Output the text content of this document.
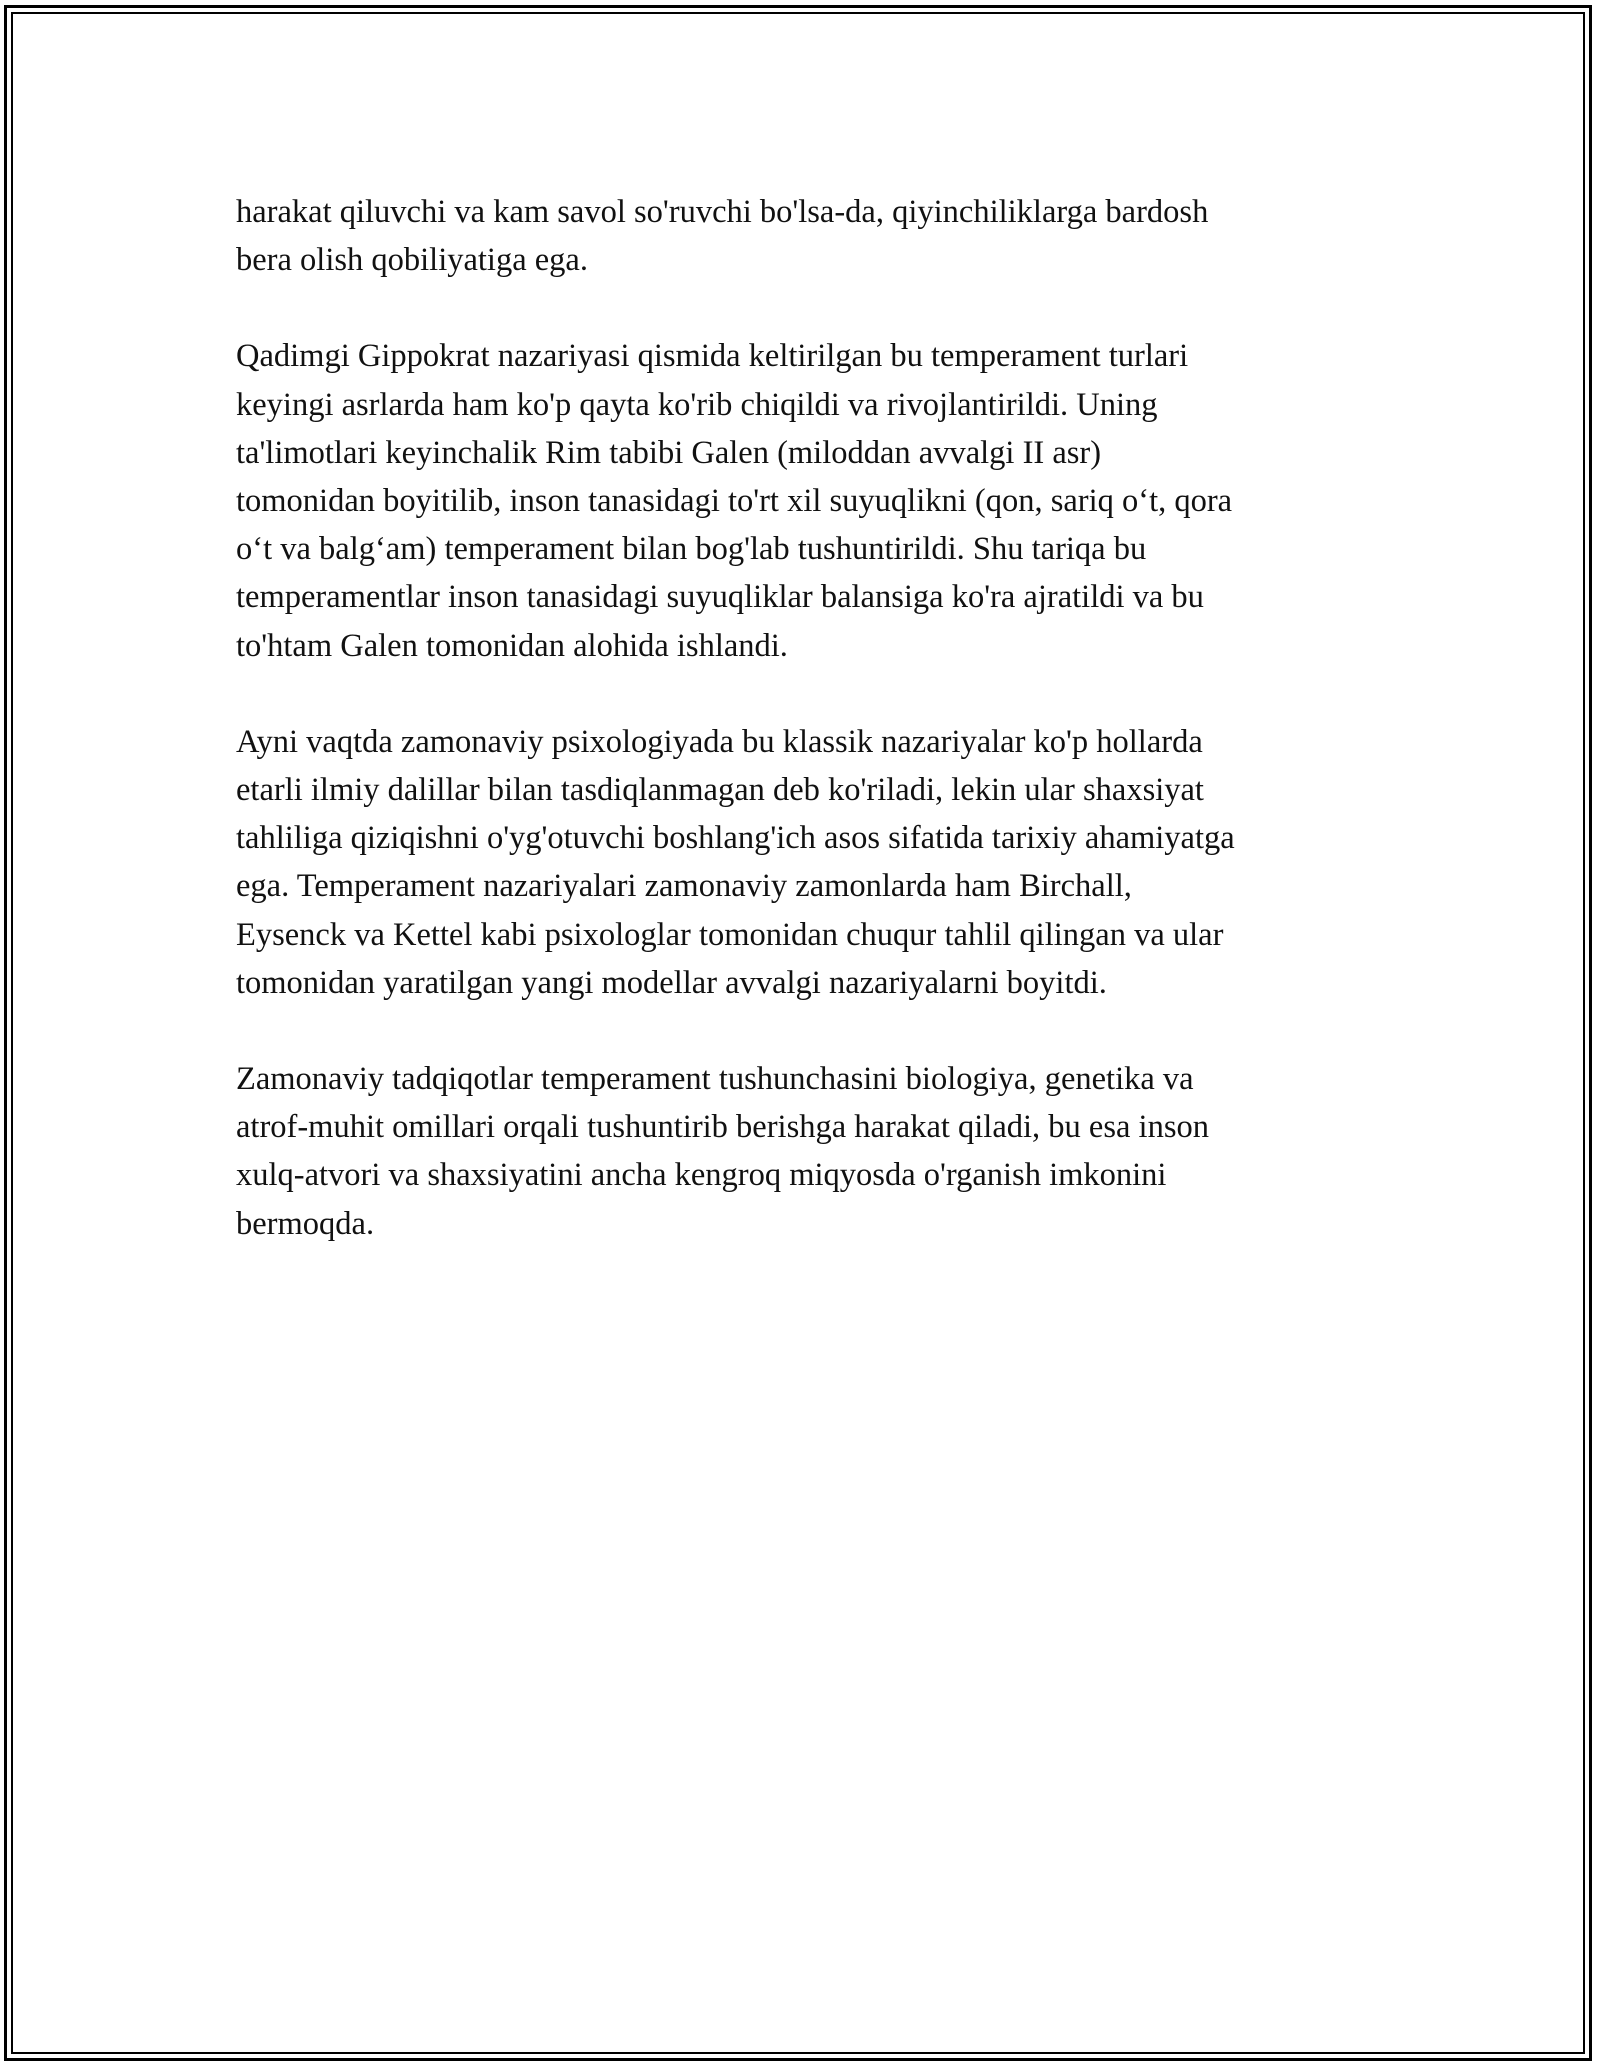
harakat qiluvchi va kam savol so'ruvchi bo'lsa-da, qiyinchiliklarga bardosh
bera olish qobiliyatiga ega.

Qadimgi Gippokrat nazariyasi qismida keltirilgan bu temperament turlari
keyingi asrlarda ham ko'p qayta ko'rib chiqildi va rivojlantirildi. Uning
ta'limotlari keyinchalik Rim tabibi Galen (miloddan avvalgi II asr)
tomonidan boyitilib, inson tanasidagi to'rt xil suyuqlikni (qon, sariq oʻt, qora
oʻt va balgʻam) temperament bilan bog'lab tushuntirildi. Shu tariqa bu
temperamentlar inson tanasidagi suyuqliklar balansiga ko'ra ajratildi va bu
to'htam Galen tomonidan alohida ishlandi.

Ayni vaqtda zamonaviy psixologiyada bu klassik nazariyalar ko'p hollarda
etarli ilmiy dalillar bilan tasdiqlanmagan deb ko'riladi, lekin ular shaxsiyat
tahliliga qiziqishni o'yg'otuvchi boshlang'ich asos sifatida tarixiy ahamiyatga
ega. Temperament nazariyalari zamonaviy zamonlarda ham Birchall,
Eysenck va Kettel kabi psixologlar tomonidan chuqur tahlil qilingan va ular
tomonidan yaratilgan yangi modellar avvalgi nazariyalarni boyitdi.

Zamonaviy tadqiqotlar temperament tushunchasini biologiya, genetika va
atrof-muhit omillari orqali tushuntirib berishga harakat qiladi, bu esa inson
xulq-atvori va shaxsiyatini ancha kengroq miqyosda o'rganish imkonini
bermoqda.
